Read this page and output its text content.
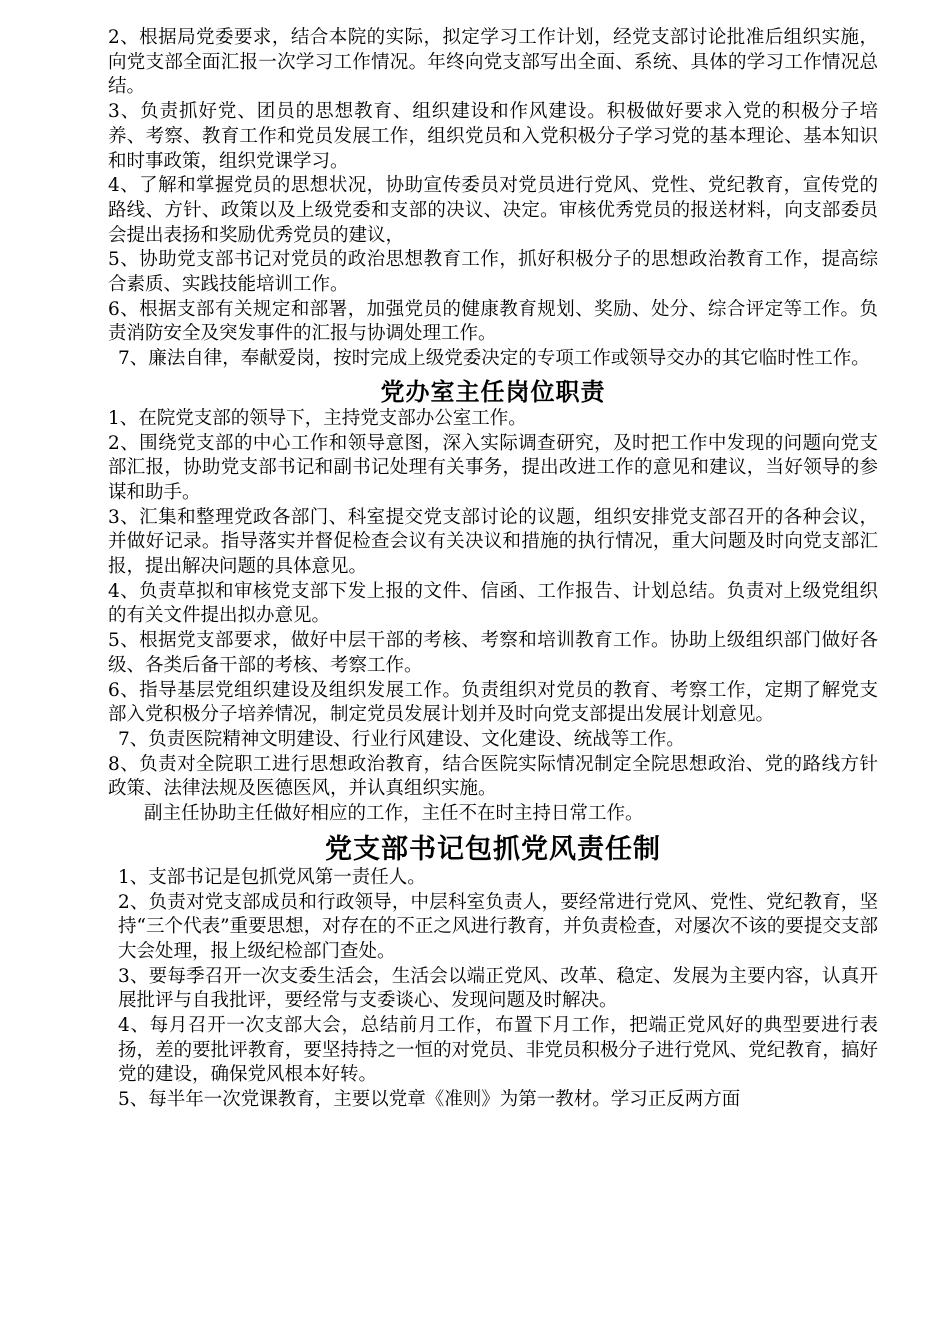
2、根据局党委要求，结合本院的实际，拟定学习工作计划，经党支部讨论批准后组织实施，向党支部全面汇报一次学习工作情况。年终向党支部写出全面、系统、具体的学习工作情况总结。

3、负责抓好党、团员的思想教育、组织建设和作风建设。积极做好要求入党的积极分子培养、考察、教育工作和党员发展工作，组织党员和入党积极分子学习党的基本理论、基本知识和时事政策，组织党课学习。

4、了解和掌握党员的思想状况，协助宣传委员对党员进行党风、党性、党纪教育，宣传党的路线、方针、政策以及上级党委和支部的决议、决定。审核优秀党员的报送材料，向支部委员会提出表扬和奖励优秀党员的建议，

5、协助党支部书记对党员的政治思想教育工作，抓好积极分子的思想政治教育工作，提高综合素质、实践技能培训工作。

6、根据支部有关规定和部署，加强党员的健康教育规划、奖励、处分、综合评定等工作。负责消防安全及突发事件的汇报与协调处理工作。

7、廉法自律，奉献爱岗，按时完成上级党委决定的专项工作或领导交办的其它临时性工作。

党办室主任岗位职责

1、在院党支部的领导下，主持党支部办公室工作。

2、围绕党支部的中心工作和领导意图，深入实际调查研究，及时把工作中发现的问题向党支部汇报，协助党支部书记和副书记处理有关事务，提出改进工作的意见和建议，当好领导的参谋和助手。

3、汇集和整理党政各部门、科室提交党支部讨论的议题，组织安排党支部召开的各种会议，并做好记录。指导落实并督促检查会议有关决议和措施的执行情况，重大问题及时向党支部汇报，提出解决问题的具体意见。

4、负责草拟和审核党支部下发上报的文件、信函、工作报告、计划总结。负责对上级党组织的有关文件提出拟办意见。

5、根据党支部要求，做好中层干部的考核、考察和培训教育工作。协助上级组织部门做好各级、各类后备干部的考核、考察工作。

6、指导基层党组织建设及组织发展工作。负责组织对党员的教育、考察工作，定期了解党支部入党积极分子培养情况，制定党员发展计划并及时向党支部提出发展计划意见。

7、负责医院精神文明建设、行业行风建设、文化建设、统战等工作。

8、负责对全院职工进行思想政治教育，结合医院实际情况制定全院思想政治、党的路线方针政策、法律法规及医德医风，并认真组织实施。

副主任协助主任做好相应的工作，主任不在时主持日常工作。

党支部书记包抓党风责任制

1、支部书记是包抓党风第一责任人。

2、负责对党支部成员和行政领导，中层科室负责人，要经常进行党风、党性、党纪教育，坚持“三个代表”重要思想，对存在的不正之风进行教育，并负责检查，对屡次不该的要提交支部大会处理，报上级纪检部门查处。

3、要每季召开一次支委生活会，生活会以端正党风、改革、稳定、发展为主要内容，认真开展批评与自我批评，要经常与支委谈心、发现问题及时解决。

4、每月召开一次支部大会，总结前月工作，布置下月工作，把端正党风好的典型要进行表扬，差的要批评教育，要坚持持之一恒的对党员、非党员积极分子进行党风、党纪教育，搞好党的建设，确保党风根本好转。

5、每半年一次党课教育，主要以党章《准则》为第一教材。学习正反两方面
